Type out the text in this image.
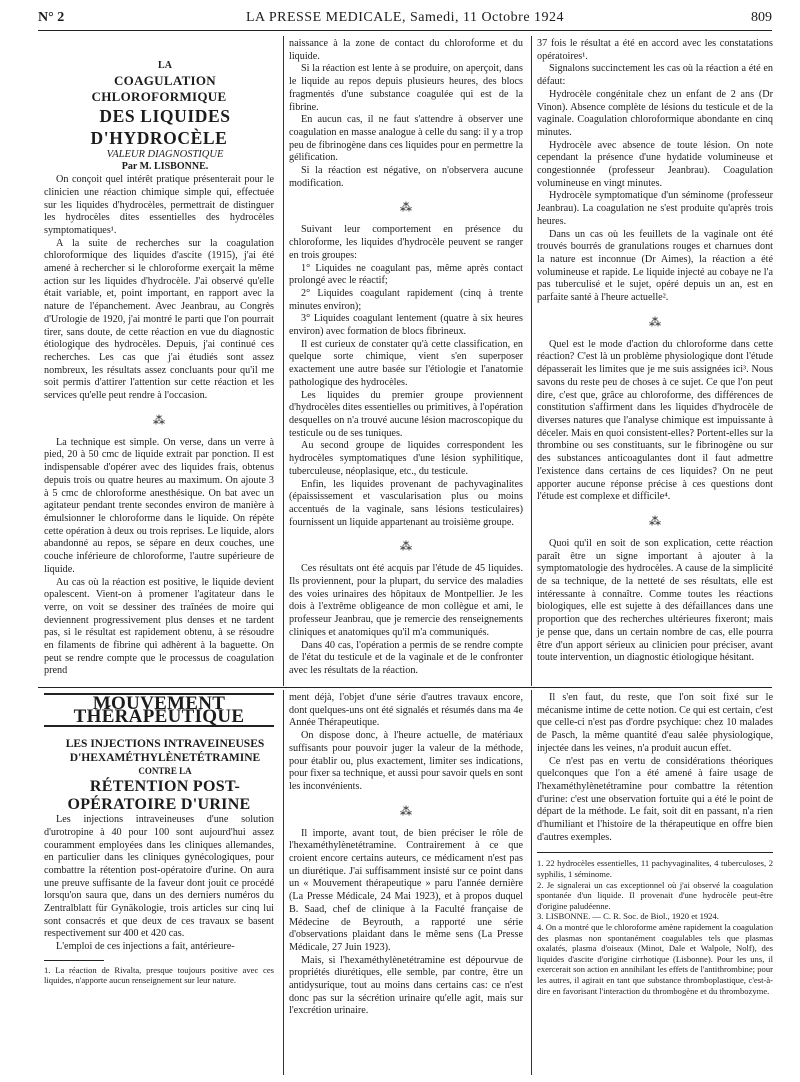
N° 2	LA PRESSE MEDICALE, Samedi, 11 Octobre 1924	809

LA

COAGULATION CHLOROFORMIQUE

DES LIQUIDES D'HYDROCÈLE

VALEUR DIAGNOSTIQUE

Par M. LISBONNE.

On conçoit quel intérêt pratique présenterait pour le clinicien une réaction chimique simple qui, effectuée sur les liquides d'hydrocèles, permettrait de distinguer les hydrocèles dites essentielles des hydrocèles symptomatiques¹.

A la suite de recherches sur la coagulation chloroformique des liquides d'ascite (1915), j'ai été amené à rechercher si le chloroforme exerçait la même action sur les liquides d'hydrocèle. J'ai observé qu'elle était variable, et, point important, en rapport avec la nature de l'épanchement. Avec Jeanbrau, au Congrès d'Urologie de 1920, j'ai montré le parti que l'on pourrait tirer, sans doute, de cette réaction en vue du diagnostic étiologique des hydrocèles. Depuis, j'ai continué ces recherches. Les cas que j'ai étudiés sont assez nombreux, les résultats assez concluants pour qu'il me soit permis d'attirer l'attention sur cette réaction et les services qu'elle peut rendre à l'occasion.

⁂

La technique est simple. On verse, dans un verre à pied, 20 à 50 cmc de liquide extrait par ponction. Il est indispensable d'opérer avec des liquides frais, obtenus depuis trois ou quatre heures au maximum. On ajoute 3 à 5 cmc de chloroforme anesthésique. On bat avec un agitateur pendant trente secondes environ de manière à émulsionner le chloroforme dans le liquide. On répète cette opération à deux ou trois reprises. Le liquide, alors abandonné au repos, se sépare en deux couches, une couche inférieure de chloroforme, l'autre supérieure de liquide.

Au cas où la réaction est positive, le liquide devient opalescent. Vient-on à promener l'agitateur dans le verre, on voit se dessiner des traînées de moire qui deviennent progressivement plus denses et ne tardent pas, si le résultat est rapidement obtenu, à se résoudre en filaments de fibrine qui adhèrent à la baguette. On peut se rendre compte que le processus de coagulation prend

naissance à la zone de contact du chloroforme et du liquide.

Si la réaction est lente à se produire, on aperçoit, dans le liquide au repos depuis plusieurs heures, des blocs fragmentés d'une substance coagulée qui est de la fibrine.

En aucun cas, il ne faut s'attendre à observer une coagulation en masse analogue à celle du sang: il y a trop peu de fibrinogène dans ces liquides pour en permettre la gélification.

Si la réaction est négative, on n'observera aucune modification.

⁂

Suivant leur comportement en présence du chloroforme, les liquides d'hydrocèle peuvent se ranger en trois groupes:

1° Liquides ne coagulant pas, même après contact prolongé avec le réactif;

2° Liquides coagulant rapidement (cinq à trente minutes environ);

3° Liquides coagulant lentement (quatre à six heures environ) avec formation de blocs fibrineux.

Il est curieux de constater qu'à cette classification, en quelque sorte chimique, vient s'en superposer exactement une autre basée sur l'étiologie et l'anatomie pathologique des hydrocèles.

Les liquides du premier groupe proviennent d'hydrocèles dites essentielles ou primitives, à l'opération desquelles on n'a trouvé aucune lésion macroscopique du testicule ou de ses tuniques.

Au second groupe de liquides correspondent les hydrocèles symptomatiques d'une lésion syphilitique, tuberculeuse, néoplasique, etc., du testicule.

Enfin, les liquides provenant de pachyvaginalites (épaississement et vascularisation plus ou moins accentués de la vaginale, sans lésions testiculaires) fournissent un liquide appartenant au troisième groupe.

⁂

Ces résultats ont été acquis par l'étude de 45 liquides. Ils proviennent, pour la plupart, du service des maladies des voies urinaires des hôpitaux de Montpellier. Je les dois à l'extrême obligeance de mon collègue et ami, le professeur Jeanbrau, que je remercie des renseignements cliniques et anatomiques qu'il m'a communiqués.

Dans 40 cas, l'opération a permis de se rendre compte de l'état du testicule et de la vaginale et de le confronter avec les résultats de la réaction.

37 fois le résultat a été en accord avec les constatations opératoires¹.

Signalons succinctement les cas où la réaction a été en défaut:

Hydrocèle congénitale chez un enfant de 2 ans (Dr Vinon). Absence complète de lésions du testicule et de la vaginale. Coagulation chloroformique abondante en cinq minutes.

Hydrocèle avec absence de toute lésion. On note cependant la présence d'une hydatide volumineuse et congestionnée (professeur Jeanbrau). Coagulation volumineuse en vingt minutes.

Hydrocèle symptomatique d'un séminome (professeur Jeanbrau). La coagulation ne s'est produite qu'après trois heures.

Dans un cas où les feuillets de la vaginale ont été trouvés bourrés de granulations rouges et charnues dont la nature est inconnue (Dr Aimes), la réaction a été volumineuse et rapide. Le liquide injecté au cobaye ne l'a pas tuberculisé et le sujet, opéré depuis un an, est en parfaite santé à l'heure actuelle².

⁂

Quel est le mode d'action du chloroforme dans cette réaction? C'est là un problème physiologique dont l'étude dépasserait les limites que je me suis assignées ici³. Nous savons du reste peu de choses à ce sujet. Ce que l'on peut dire, c'est que, grâce au chloroforme, des différences de constitution s'affirment dans les liquides d'hydrocèle de diverses natures que l'analyse chimique est impuissante à déceler. Mais en quoi consistent-elles? Portent-elles sur la thrombine ou ses constituants, sur le fibrinogène ou sur des substances anticoagulantes dont il faut admettre l'existence dans certains de ces liquides? On ne peut apporter aucune réponse précise à ces questions dont l'étude est complexe et difficile⁴.

⁂

Quoi qu'il en soit de son explication, cette réaction paraît être un signe important à ajouter à la symptomatologie des hydrocèles. A cause de la simplicité de sa technique, de la netteté de ses résultats, elle est intéressante à connaître. Comme toutes les réactions biologiques, elle est sujette à des défaillances dans une proportion que des recherches ultérieures fixeront; mais je pense que, dans un certain nombre de cas, elle pourra être d'un apport sérieux au clinicien pour préciser, avant toute intervention, un diagnostic étiologique hésitant.

MOUVEMENT THÉRAPEUTIQUE

LES INJECTIONS INTRAVEINEUSES

D'HEXAMÉTHYLÈNETÉTRAMINE

CONTRE LA

RÉTENTION POST-OPÉRATOIRE D'URINE

Les injections intraveineuses d'une solution d'urotropine à 40 pour 100 sont aujourd'hui assez couramment employées dans les cliniques allemandes, en particulier dans les cliniques gynécologiques, pour combattre la rétention post-opératoire d'urine. On aura une preuve suffisante de la faveur dont jouit ce procédé lorsqu'on saura que, dans un des derniers numéros du Zentralblatt für Gynäkologie, trois articles sur cinq lui sont consacrés et que deux de ces travaux se basent respectivement sur 400 et 420 cas.

L'emploi de ces injections a fait, antérieure-

1. La réaction de Rivalta, presque toujours positive avec ces liquides, n'apporte aucun renseignement sur leur nature.

ment déjà, l'objet d'une série d'autres travaux encore, dont quelques-uns ont été signalés et résumés dans ma 4e Année Thérapeutique.

On dispose donc, à l'heure actuelle, de matériaux suffisants pour pouvoir juger la valeur de la méthode, pour établir ou, plus exactement, limiter ses indications, pour fixer sa technique, et aussi pour savoir quels en sont les inconvénients.

⁂

Il importe, avant tout, de bien préciser le rôle de l'hexaméthylènetétramine. Contrairement à ce que croient encore certains auteurs, ce médicament n'est pas un diurétique. J'ai suffisamment insisté sur ce point dans un « Mouvement thérapeutique » paru l'année dernière (La Presse Médicale, 24 Mai 1923), et à propos duquel B. Saad, chef de clinique à la Faculté française de Médecine de Beyrouth, a rapporté une série d'observations plaidant dans le même sens (La Presse Médicale, 27 Juin 1923).

Mais, si l'hexaméthylènetétramine est dépourvue de propriétés diurétiques, elle semble, par contre, être un antidysurique, tout au moins dans certains cas: ce n'est donc pas sur la sécrétion urinaire qu'elle agit, mais sur l'excrétion urinaire.

Il s'en faut, du reste, que l'on soit fixé sur le mécanisme intime de cette notion. Ce qui est certain, c'est que celle-ci n'est pas d'ordre psychique: chez 10 malades de Pasch, la même quantité d'eau salée physiologique, injectée dans les veines, n'a produit aucun effet.

Ce n'est pas en vertu de considérations théoriques quelconques que l'on a été amené à faire usage de l'hexaméthylènetétramine pour combattre la rétention d'urine: c'est une observation fortuite qui a été le point de départ de la méthode. Le fait, soit dit en passant, n'a rien d'humiliant et l'histoire de la thérapeutique en offre bien d'autres exemples.

1. 22 hydrocèles essentielles, 11 pachyvaginalites, 4 tuberculoses, 2 syphilis, 1 séminome.

2. Je signalerai un cas exceptionnel où j'ai observé la coagulation spontanée d'un liquide. Il provenait d'une hydrocèle peut-être d'origine paludéenne.

3. LISBONNE. — C. R. Soc. de Biol., 1920 et 1924.

4. On a montré que le chloroforme amène rapidement la coagulation des plasmas non spontanément coagulables tels que plasmas oxalatés, plasma d'oiseaux (Minot, Dale et Walpole, Nolf), des liquides d'ascite d'origine cirrhotique (Lisbonne). Pour les uns, il exercerait son action en annihilant les effets de l'antithrombine; pour les autres, il agirait en tant que substance thromboplastique, c'est-à-dire en favorisant l'interaction du thrombogène et du thrombozyme.
